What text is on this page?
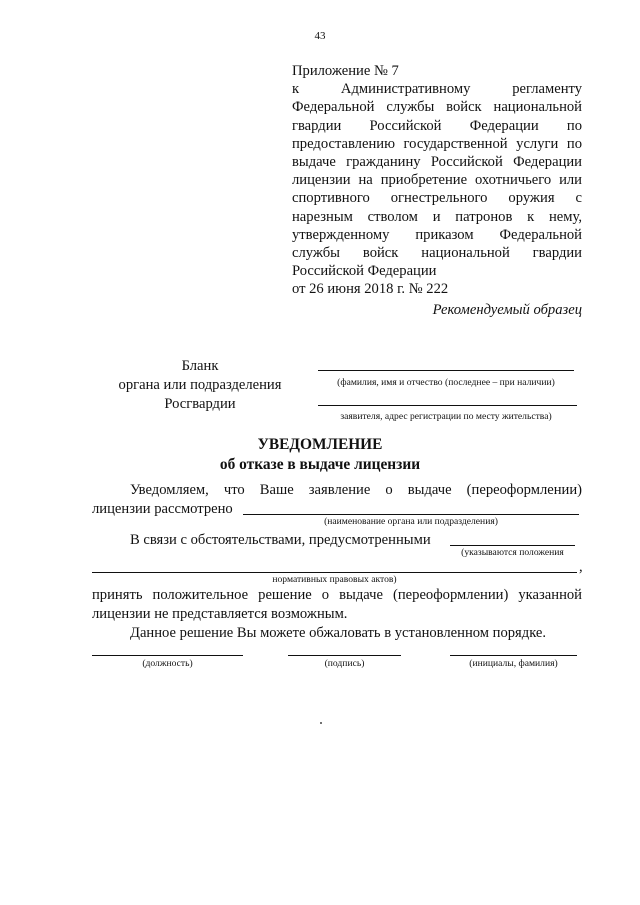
43
Приложение № 7
к Административному регламенту
Федеральной службы войск национальной
гвардии Российской Федерации по
предоставлению государственной услуги по
выдаче гражданину Российской Федерации
лицензии на приобретение охотничьего или
спортивного огнестрельного оружия с
нарезным стволом и патронов к нему,
утвержденному приказом Федеральной
службы войск национальной гвардии
Российской Федерации
от 26 июня 2018 г. № 222
Рекомендуемый образец
Бланк
органа или подразделения
Росгвардии
(фамилия, имя и отчество (последнее – при наличии)
заявителя, адрес регистрации по месту жительства)
УВЕДОМЛЕНИЕ
об отказе в выдаче лицензии
Уведомляем, что Ваше заявление о выдаче (переоформлении)
лицензии рассмотрено
(наименование органа или подразделения)
В связи с обстоятельствами, предусмотренными
(указываются положения
,
нормативных правовых актов)
принять положительное решение о выдаче (переоформлении) указанной
лицензии не представляется возможным.
Данное решение Вы можете обжаловать в установленном порядке.
(должность)	(подпись)	(инициалы, фамилия)
